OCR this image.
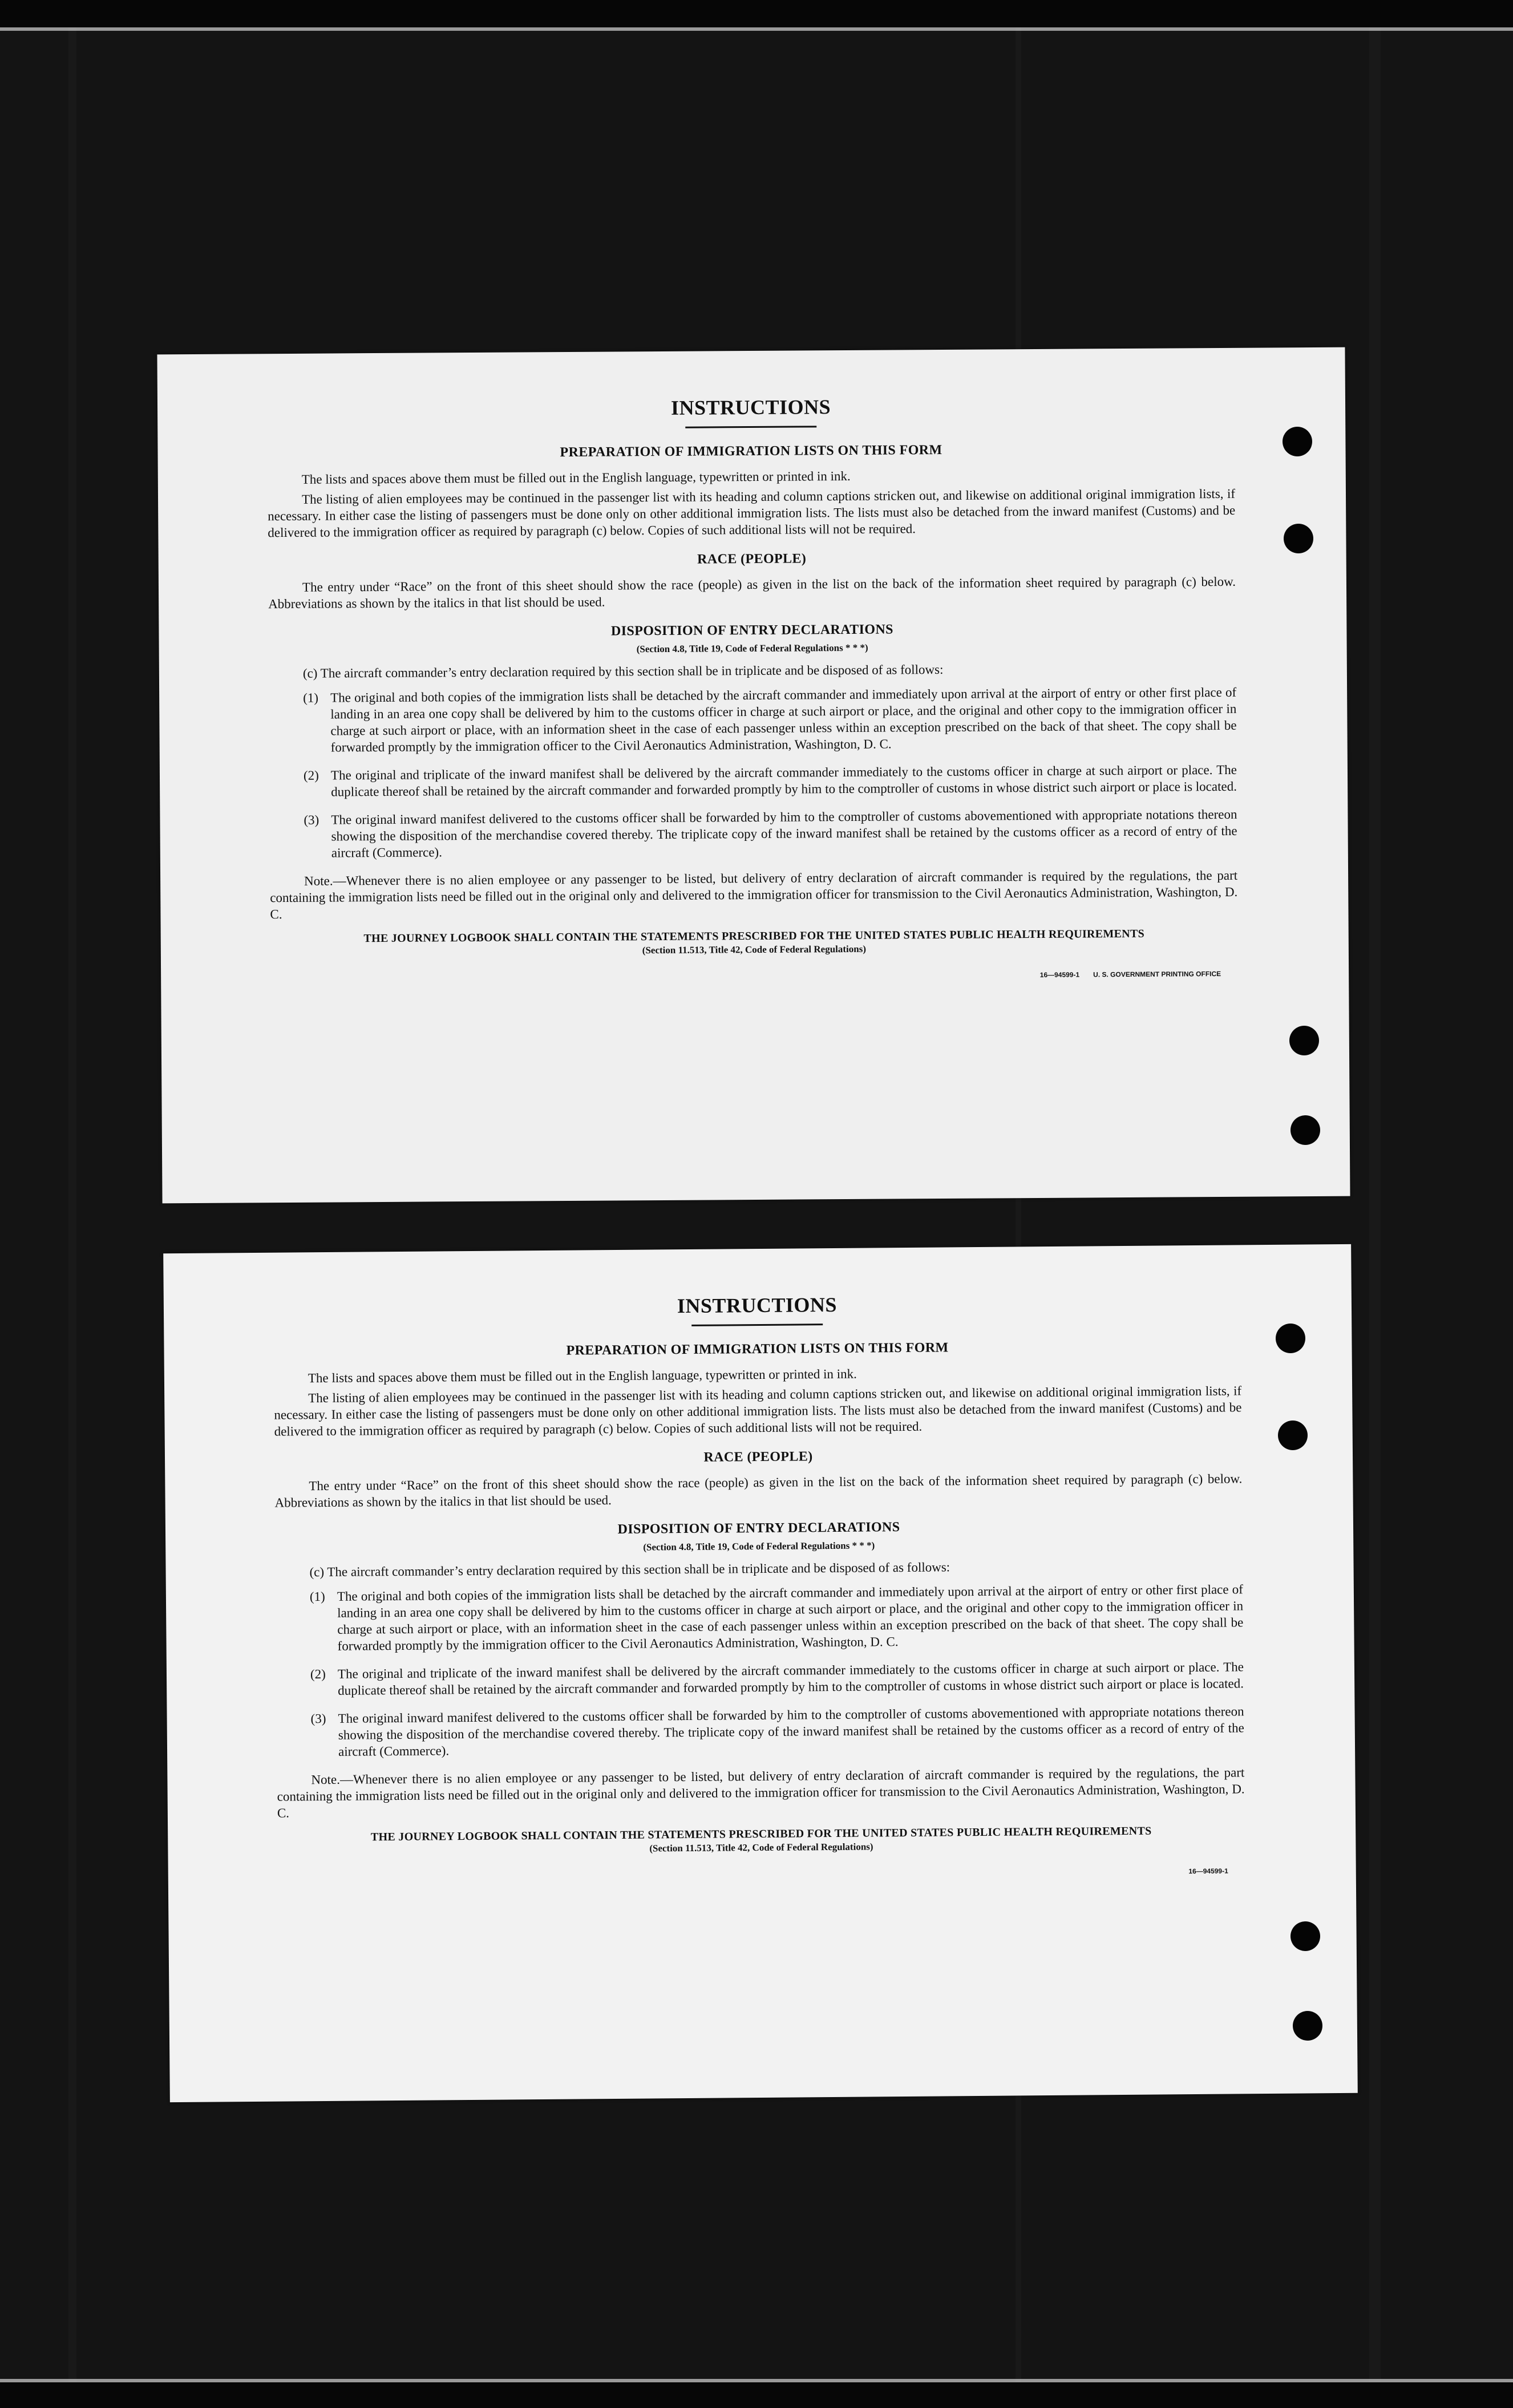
INSTRUCTIONS
PREPARATION OF IMMIGRATION LISTS ON THIS FORM

The lists and spaces above them must be filled out in the English language, typewritten or printed in ink.

The listing of alien employees may be continued in the passenger list with its heading and column captions stricken out, and likewise on additional original immigration lists, if necessary. In either case the listing of passengers must be done only on other additional immigration lists. The lists must also be detached from the inward manifest (Customs) and be delivered to the immigration officer as required by paragraph (c) below. Copies of such additional lists will not be required.

RACE (PEOPLE)

The entry under “Race” on the front of this sheet should show the race (people) as given in the list on the back of the information sheet required by paragraph (c) below. Abbreviations as shown by the italics in that list should be used.

DISPOSITION OF ENTRY DECLARATIONS
(Section 4.8, Title 19, Code of Federal Regulations * * *)

(c) The aircraft commander’s entry declaration required by this section shall be in triplicate and be disposed of as follows:

(1) The original and both copies of the immigration lists shall be detached by the aircraft commander and immediately upon arrival at the airport of entry or other first place of landing in an area one copy shall be delivered by him to the customs officer in charge at such airport or place, and the original and other copy to the immigration officer in charge at such airport or place, with an information sheet in the case of each passenger unless within an exception prescribed on the back of that sheet. The copy shall be forwarded promptly by the immigration officer to the Civil Aeronautics Administration, Washington, D. C.

(2) The original and triplicate of the inward manifest shall be delivered by the aircraft commander immediately to the customs officer in charge at such airport or place. The duplicate thereof shall be retained by the aircraft commander and forwarded promptly by him to the comptroller of customs in whose district such airport or place is located.

(3) The original inward manifest delivered to the customs officer shall be forwarded by him to the comptroller of customs abovementioned with appropriate notations thereon showing the disposition of the merchandise covered thereby. The triplicate copy of the inward manifest shall be retained by the customs officer as a record of entry of the aircraft (Commerce).

Note.—Whenever there is no alien employee or any passenger to be listed, but delivery of entry declaration of aircraft commander is required by the regulations, the part containing the immigration lists need be filled out in the original only and delivered to the immigration officer for transmission to the Civil Aeronautics Administration, Washington, D. C.

THE JOURNEY LOGBOOK SHALL CONTAIN THE STATEMENTS PRESCRIBED FOR THE UNITED STATES PUBLIC HEALTH REQUIREMENTS
(Section 11.513, Title 42, Code of Federal Regulations)
16—94599-1 U. S. GOVERNMENT PRINTING OFFICE
INSTRUCTIONS
PREPARATION OF IMMIGRATION LISTS ON THIS FORM

The lists and spaces above them must be filled out in the English language, typewritten or printed in ink.

The listing of alien employees may be continued in the passenger list with its heading and column captions stricken out, and likewise on additional original immigration lists, if necessary. In either case the listing of passengers must be done only on other additional immigration lists. The lists must also be detached from the inward manifest (Customs) and be delivered to the immigration officer as required by paragraph (c) below. Copies of such additional lists will not be required.

RACE (PEOPLE)

The entry under “Race” on the front of this sheet should show the race (people) as given in the list on the back of the information sheet required by paragraph (c) below. Abbreviations as shown by the italics in that list should be used.

DISPOSITION OF ENTRY DECLARATIONS
(Section 4.8, Title 19, Code of Federal Regulations * * *)

(c) The aircraft commander’s entry declaration required by this section shall be in triplicate and be disposed of as follows:

(1) The original and both copies of the immigration lists shall be detached by the aircraft commander and immediately upon arrival at the airport of entry or other first place of landing in an area one copy shall be delivered by him to the customs officer in charge at such airport or place, and the original and other copy to the immigration officer in charge at such airport or place, with an information sheet in the case of each passenger unless within an exception prescribed on the back of that sheet. The copy shall be forwarded promptly by the immigration officer to the Civil Aeronautics Administration, Washington, D. C.

(2) The original and triplicate of the inward manifest shall be delivered by the aircraft commander immediately to the customs officer in charge at such airport or place. The duplicate thereof shall be retained by the aircraft commander and forwarded promptly by him to the comptroller of customs in whose district such airport or place is located.

(3) The original inward manifest delivered to the customs officer shall be forwarded by him to the comptroller of customs abovementioned with appropriate notations thereon showing the disposition of the merchandise covered thereby. The triplicate copy of the inward manifest shall be retained by the customs officer as a record of entry of the aircraft (Commerce).

Note.—Whenever there is no alien employee or any passenger to be listed, but delivery of entry declaration of aircraft commander is required by the regulations, the part containing the immigration lists need be filled out in the original only and delivered to the immigration officer for transmission to the Civil Aeronautics Administration, Washington, D. C.

THE JOURNEY LOGBOOK SHALL CONTAIN THE STATEMENTS PRESCRIBED FOR THE UNITED STATES PUBLIC HEALTH REQUIREMENTS
(Section 11.513, Title 42, Code of Federal Regulations)
16—94599-1
